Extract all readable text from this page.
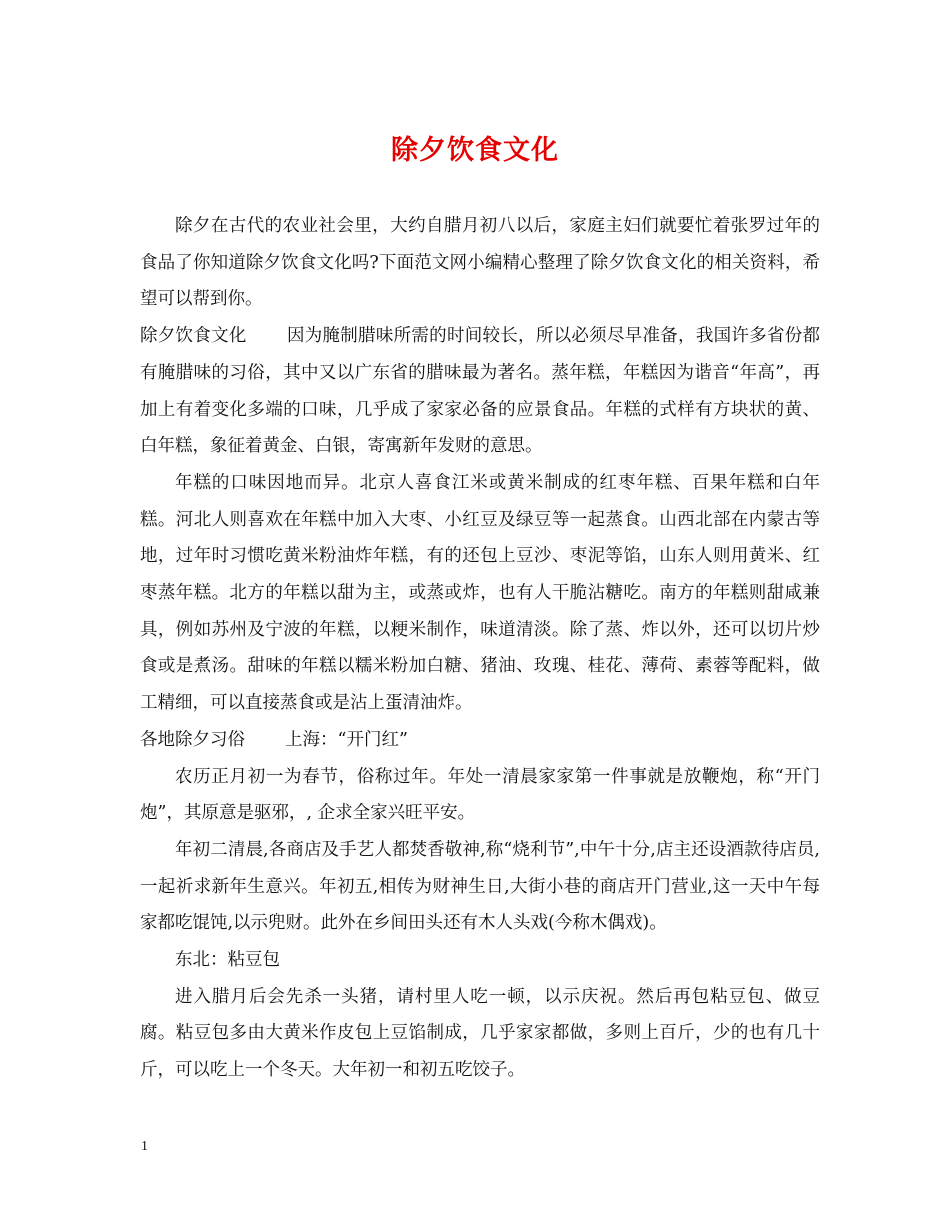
除夕饮食文化

除夕在古代的农业社会里，大约自腊月初八以后，家庭主妇们就要忙着张罗过年的食品了你知道除夕饮食文化吗?下面范文网小编精心整理了除夕饮食文化的相关资料，希望可以帮到你。

除夕饮食文化 因为腌制腊味所需的时间较长，所以必须尽早准备，我国许多省份都有腌腊味的习俗，其中又以广东省的腊味最为著名。蒸年糕，年糕因为谐音“年高”，再加上有着变化多端的口味，几乎成了家家必备的应景食品。年糕的式样有方块状的黄、白年糕，象征着黄金、白银，寄寓新年发财的意思。

年糕的口味因地而异。北京人喜食江米或黄米制成的红枣年糕、百果年糕和白年糕。河北人则喜欢在年糕中加入大枣、小红豆及绿豆等一起蒸食。山西北部在内蒙古等地，过年时习惯吃黄米粉油炸年糕，有的还包上豆沙、枣泥等馅，山东人则用黄米、红枣蒸年糕。北方的年糕以甜为主，或蒸或炸，也有人干脆沾糖吃。南方的年糕则甜咸兼具，例如苏州及宁波的年糕，以粳米制作，味道清淡。除了蒸、炸以外，还可以切片炒食或是煮汤。甜味的年糕以糯米粉加白糖、猪油、玫瑰、桂花、薄荷、素蓉等配料，做工精细，可以直接蒸食或是沾上蛋清油炸。

各地除夕习俗 上海：“开门红”

农历正月初一为春节，俗称过年。年处一清晨家家第一件事就是放鞭炮，称“开门炮”，其原意是驱邪，, 企求全家兴旺平安。

年初二清晨,各商店及手艺人都焚香敬神,称“烧利节”,中午十分,店主还设酒款待店员,一起祈求新年生意兴。年初五,相传为财神生日,大街小巷的商店开门营业,这一天中午每家都吃馄饨,以示兜财。此外在乡间田头还有木人头戏(今称木偶戏)。

东北：粘豆包

进入腊月后会先杀一头猪，请村里人吃一顿，以示庆祝。然后再包粘豆包、做豆腐。粘豆包多由大黄米作皮包上豆馅制成，几乎家家都做，多则上百斤，少的也有几十斤，可以吃上一个冬天。大年初一和初五吃饺子。

1
